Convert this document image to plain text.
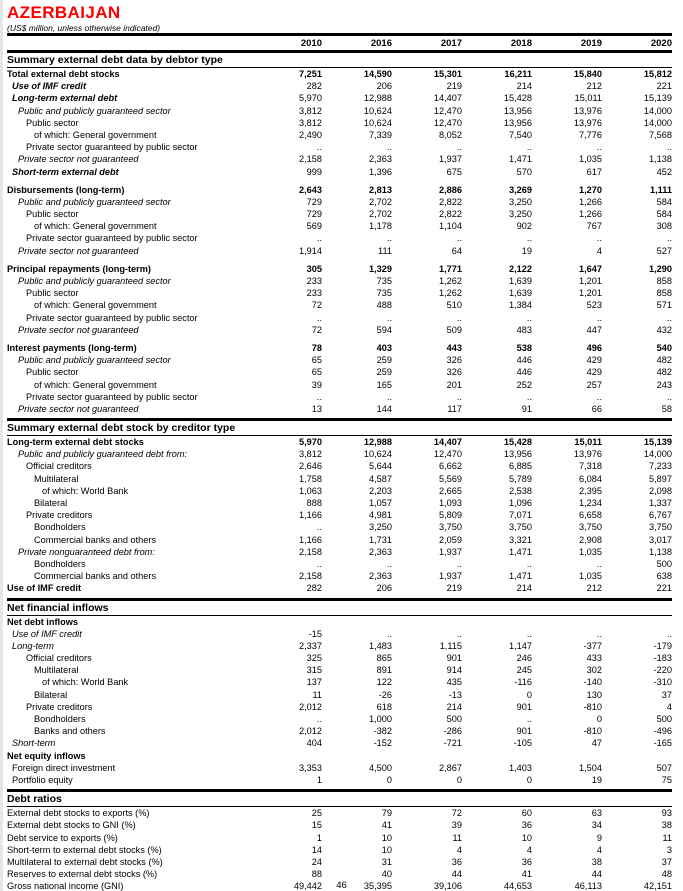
AZERBAIJAN
(US$ million, unless otherwise indicated)
2010	2016	2017	2018	2019	2020
Summary external debt data by debtor type
Total external debt stocks	7,251	14,590	15,301	16,211	15,840	15,812
Use of IMF credit	282	206	219	214	212	221
Long-term external debt	5,970	12,988	14,407	15,428	15,011	15,139
Public and publicly guaranteed sector	3,812	10,624	12,470	13,956	13,976	14,000
Public sector	3,812	10,624	12,470	13,956	13,976	14,000
of which: General government	2,490	7,339	8,052	7,540	7,776	7,568
Private sector guaranteed by public sector	..	..	..	..	..	..
Private sector not guaranteed	2,158	2,363	1,937	1,471	1,035	1,138
Short-term external debt	999	1,396	675	570	617	452
Disbursements (long-term)	2,643	2,813	2,886	3,269	1,270	1,111
Public and publicly guaranteed sector	729	2,702	2,822	3,250	1,266	584
Public sector	729	2,702	2,822	3,250	1,266	584
of which: General government	569	1,178	1,104	902	767	308
Private sector guaranteed by public sector	..	..	..	..	..	..
Private sector not guaranteed	1,914	111	64	19	4	527
Principal repayments (long-term)	305	1,329	1,771	2,122	1,647	1,290
Public and publicly guaranteed sector	233	735	1,262	1,639	1,201	858
Public sector	233	735	1,262	1,639	1,201	858
of which: General government	72	488	510	1,384	523	571
Private sector guaranteed by public sector	..	..	..	..	..	..
Private sector not guaranteed	72	594	509	483	447	432
Interest payments (long-term)	78	403	443	538	496	540
Public and publicly guaranteed sector	65	259	326	446	429	482
Public sector	65	259	326	446	429	482
of which: General government	39	165	201	252	257	243
Private sector guaranteed by public sector	..	..	..	..	..	..
Private sector not guaranteed	13	144	117	91	66	58
Summary external debt stock by creditor type
Long-term external debt stocks	5,970	12,988	14,407	15,428	15,011	15,139
Public and publicly guaranteed debt from:	3,812	10,624	12,470	13,956	13,976	14,000
Official creditors	2,646	5,644	6,662	6,885	7,318	7,233
Multilateral	1,758	4,587	5,569	5,789	6,084	5,897
of which: World Bank	1,063	2,203	2,665	2,538	2,395	2,098
Bilateral	888	1,057	1,093	1,096	1,234	1,337
Private creditors	1,166	4,981	5,809	7,071	6,658	6,767
Bondholders	..	3,250	3,750	3,750	3,750	3,750
Commercial banks and others	1,166	1,731	2,059	3,321	2,908	3,017
Private nonguaranteed debt from:	2,158	2,363	1,937	1,471	1,035	1,138
Bondholders	..	..	..	..	..	500
Commercial banks and others	2,158	2,363	1,937	1,471	1,035	638
Use of IMF credit	282	206	219	214	212	221
Net financial inflows
Net debt inflows
Use of IMF credit	-15	..	..	..	..	..
Long-term	2,337	1,483	1,115	1,147	-377	-179
Official creditors	325	865	901	246	433	-183
Multilateral	315	891	914	245	302	-220
of which: World Bank	137	122	435	-116	-140	-310
Bilateral	11	-26	-13	0	130	37
Private creditors	2,012	618	214	901	-810	4
Bondholders	..	1,000	500	..	0	500
Banks and others	2,012	-382	-286	901	-810	-496
Short-term	404	-152	-721	-105	47	-165
Net equity inflows
Foreign direct investment	3,353	4,500	2,867	1,403	1,504	507
Portfolio equity	1	0	0	0	19	75
Debt ratios
External debt stocks to exports (%)	25	79	72	60	63	93
External debt stocks to GNI (%)	15	41	39	36	34	38
Debt service to exports (%)	1	10	11	10	9	11
Short-term to external debt stocks (%)	14	10	4	4	4	3
Multilateral to external debt stocks (%)	24	31	36	36	38	37
Reserves to external debt stocks (%)	88	40	44	41	44	48
Gross national income (GNI)	49,442	35,395	39,106	44,653	46,113	42,151
46
